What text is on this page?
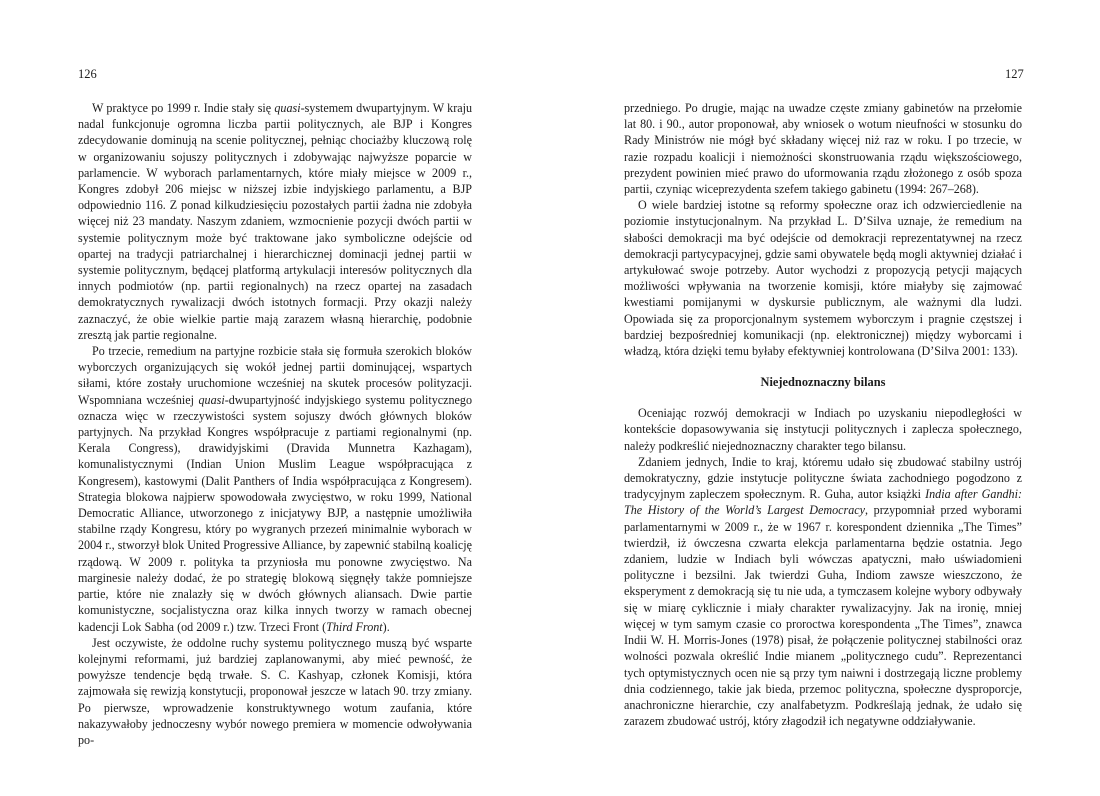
126	127

W praktyce po 1999 r. Indie stały się quasi-systemem dwupartyjnym. W kraju nadal funkcjonuje ogromna liczba partii politycznych, ale BJP i Kongres zdecydowanie dominują na scenie politycznej, pełniąc chociażby kluczową rolę w organizowaniu sojuszy politycznych i zdobywając najwyższe poparcie w parlamencie. W wyborach parlamentarnych, które miały miejsce w 2009 r., Kongres zdobył 206 miejsc w niższej izbie indyjskiego parlamentu, a BJP odpowiednio 116. Z ponad kilkudziesięciu pozostałych partii żadna nie zdobyła więcej niż 23 mandaty. Naszym zdaniem, wzmocnienie pozycji dwóch partii w systemie politycznym może być traktowane jako symboliczne odejście od opartej na tradycji patriarchalnej i hierarchicznej dominacji jednej partii w systemie politycznym, będącej platformą artykulacji interesów politycznych dla innych podmiotów (np. partii regionalnych) na rzecz opartej na zasadach demokratycznych rywalizacji dwóch istotnych formacji. Przy okazji należy zaznaczyć, że obie wielkie partie mają zarazem własną hierarchię, podobnie zresztą jak partie regionalne.

Po trzecie, remedium na partyjne rozbicie stała się formuła szerokich bloków wyborczych organizujących się wokół jednej partii dominującej, wspartych siłami, które zostały uruchomione wcześniej na skutek procesów polityzacji. Wspomniana wcześniej quasi-dwupartyjność indyjskiego systemu politycznego oznacza więc w rzeczywistości system sojuszy dwóch głównych bloków partyjnych. Na przykład Kongres współpracuje z partiami regionalnymi (np. Kerala Congress), drawidyjskimi (Dravida Munnetra Kazhagam), komunalistycznymi (Indian Union Muslim League współpracująca z Kongresem), kastowymi (Dalit Panthers of India współpracująca z Kongresem). Strategia blokowa najpierw spowodowała zwycięstwo, w roku 1999, National Democratic Alliance, utworzonego z inicjatywy BJP, a następnie umożliwiła stabilne rządy Kongresu, który po wygranych przezeń minimalnie wyborach w 2004 r., stworzył blok United Progressive Alliance, by zapewnić stabilną koalicję rządową. W 2009 r. polityka ta przyniosła mu ponowne zwycięstwo. Na marginesie należy dodać, że po strategię blokową sięgnęły także pomniejsze partie, które nie znalazły się w dwóch głównych aliansach. Dwie partie komunistyczne, socjalistyczna oraz kilka innych tworzy w ramach obecnej kadencji Lok Sabha (od 2009 r.) tzw. Trzeci Front (Third Front).

Jest oczywiste, że oddolne ruchy systemu politycznego muszą być wsparte kolejnymi reformami, już bardziej zaplanowanymi, aby mieć pewność, że powyższe tendencje będą trwałe. S. C. Kashyap, członek Komisji, która zajmowała się rewizją konstytucji, proponował jeszcze w latach 90. trzy zmiany. Po pierwsze, wprowadzenie konstruktywnego wotum zaufania, które nakazywałoby jednoczesny wybór nowego premiera w momencie odwoływania po-

przedniego. Po drugie, mając na uwadze częste zmiany gabinetów na przełomie lat 80. i 90., autor proponował, aby wniosek o wotum nieufności w stosunku do Rady Ministrów nie mógł być składany więcej niż raz w roku. I po trzecie, w razie rozpadu koalicji i niemożności skonstruowania rządu większościowego, prezydent powinien mieć prawo do uformowania rządu złożonego z osób spoza partii, czyniąc wiceprezydenta szefem takiego gabinetu (1994: 267–268).

O wiele bardziej istotne są reformy społeczne oraz ich odzwierciedlenie na poziomie instytucjonalnym. Na przykład L. D’Silva uznaje, że remedium na słabości demokracji ma być odejście od demokracji reprezentatywnej na rzecz demokracji partycypacyjnej, gdzie sami obywatele będą mogli aktywniej działać i artykułować swoje potrzeby. Autor wychodzi z propozycją petycji mających możliwości wpływania na tworzenie komisji, które miałyby się zajmować kwestiami pomijanymi w dyskursie publicznym, ale ważnymi dla ludzi. Opowiada się za proporcjonalnym systemem wyborczym i pragnie częstszej i bardziej bezpośredniej komunikacji (np. elektronicznej) między wyborcami i władzą, która dzięki temu byłaby efektywniej kontrolowana (D’Silva 2001: 133).

Niejednoznaczny bilans

Oceniając rozwój demokracji w Indiach po uzyskaniu niepodległości w kontekście dopasowywania się instytucji politycznych i zaplecza społecznego, należy podkreślić niejednoznaczny charakter tego bilansu.

Zdaniem jednych, Indie to kraj, któremu udało się zbudować stabilny ustrój demokratyczny, gdzie instytucje polityczne świata zachodniego pogodzono z tradycyjnym zapleczem społecznym. R. Guha, autor książki India after Gandhi: The History of the World’s Largest Democracy, przypomniał przed wyborami parlamentarnymi w 2009 r., że w 1967 r. korespondent dziennika „The Times” twierdził, iż ówczesna czwarta elekcja parlamentarna będzie ostatnia. Jego zdaniem, ludzie w Indiach byli wówczas apatyczni, mało uświadomieni polityczne i bezsilni. Jak twierdzi Guha, Indiom zawsze wieszczono, że eksperyment z demokracją się tu nie uda, a tymczasem kolejne wybory odbywały się w miarę cyklicznie i miały charakter rywalizacyjny. Jak na ironię, mniej więcej w tym samym czasie co proroctwa korespondenta „The Times”, znawca Indii W. H. Morris-Jones (1978) pisał, że połączenie politycznej stabilności oraz wolności pozwala określić Indie mianem „politycznego cudu”. Reprezentanci tych optymistycznych ocen nie są przy tym naiwni i dostrzegają liczne problemy dnia codziennego, takie jak bieda, przemoc polityczna, społeczne dysproporcje, anachroniczne hierarchie, czy analfabetyzm. Podkreślają jednak, że udało się zarazem zbudować ustrój, który złagodził ich negatywne oddziaływanie.
